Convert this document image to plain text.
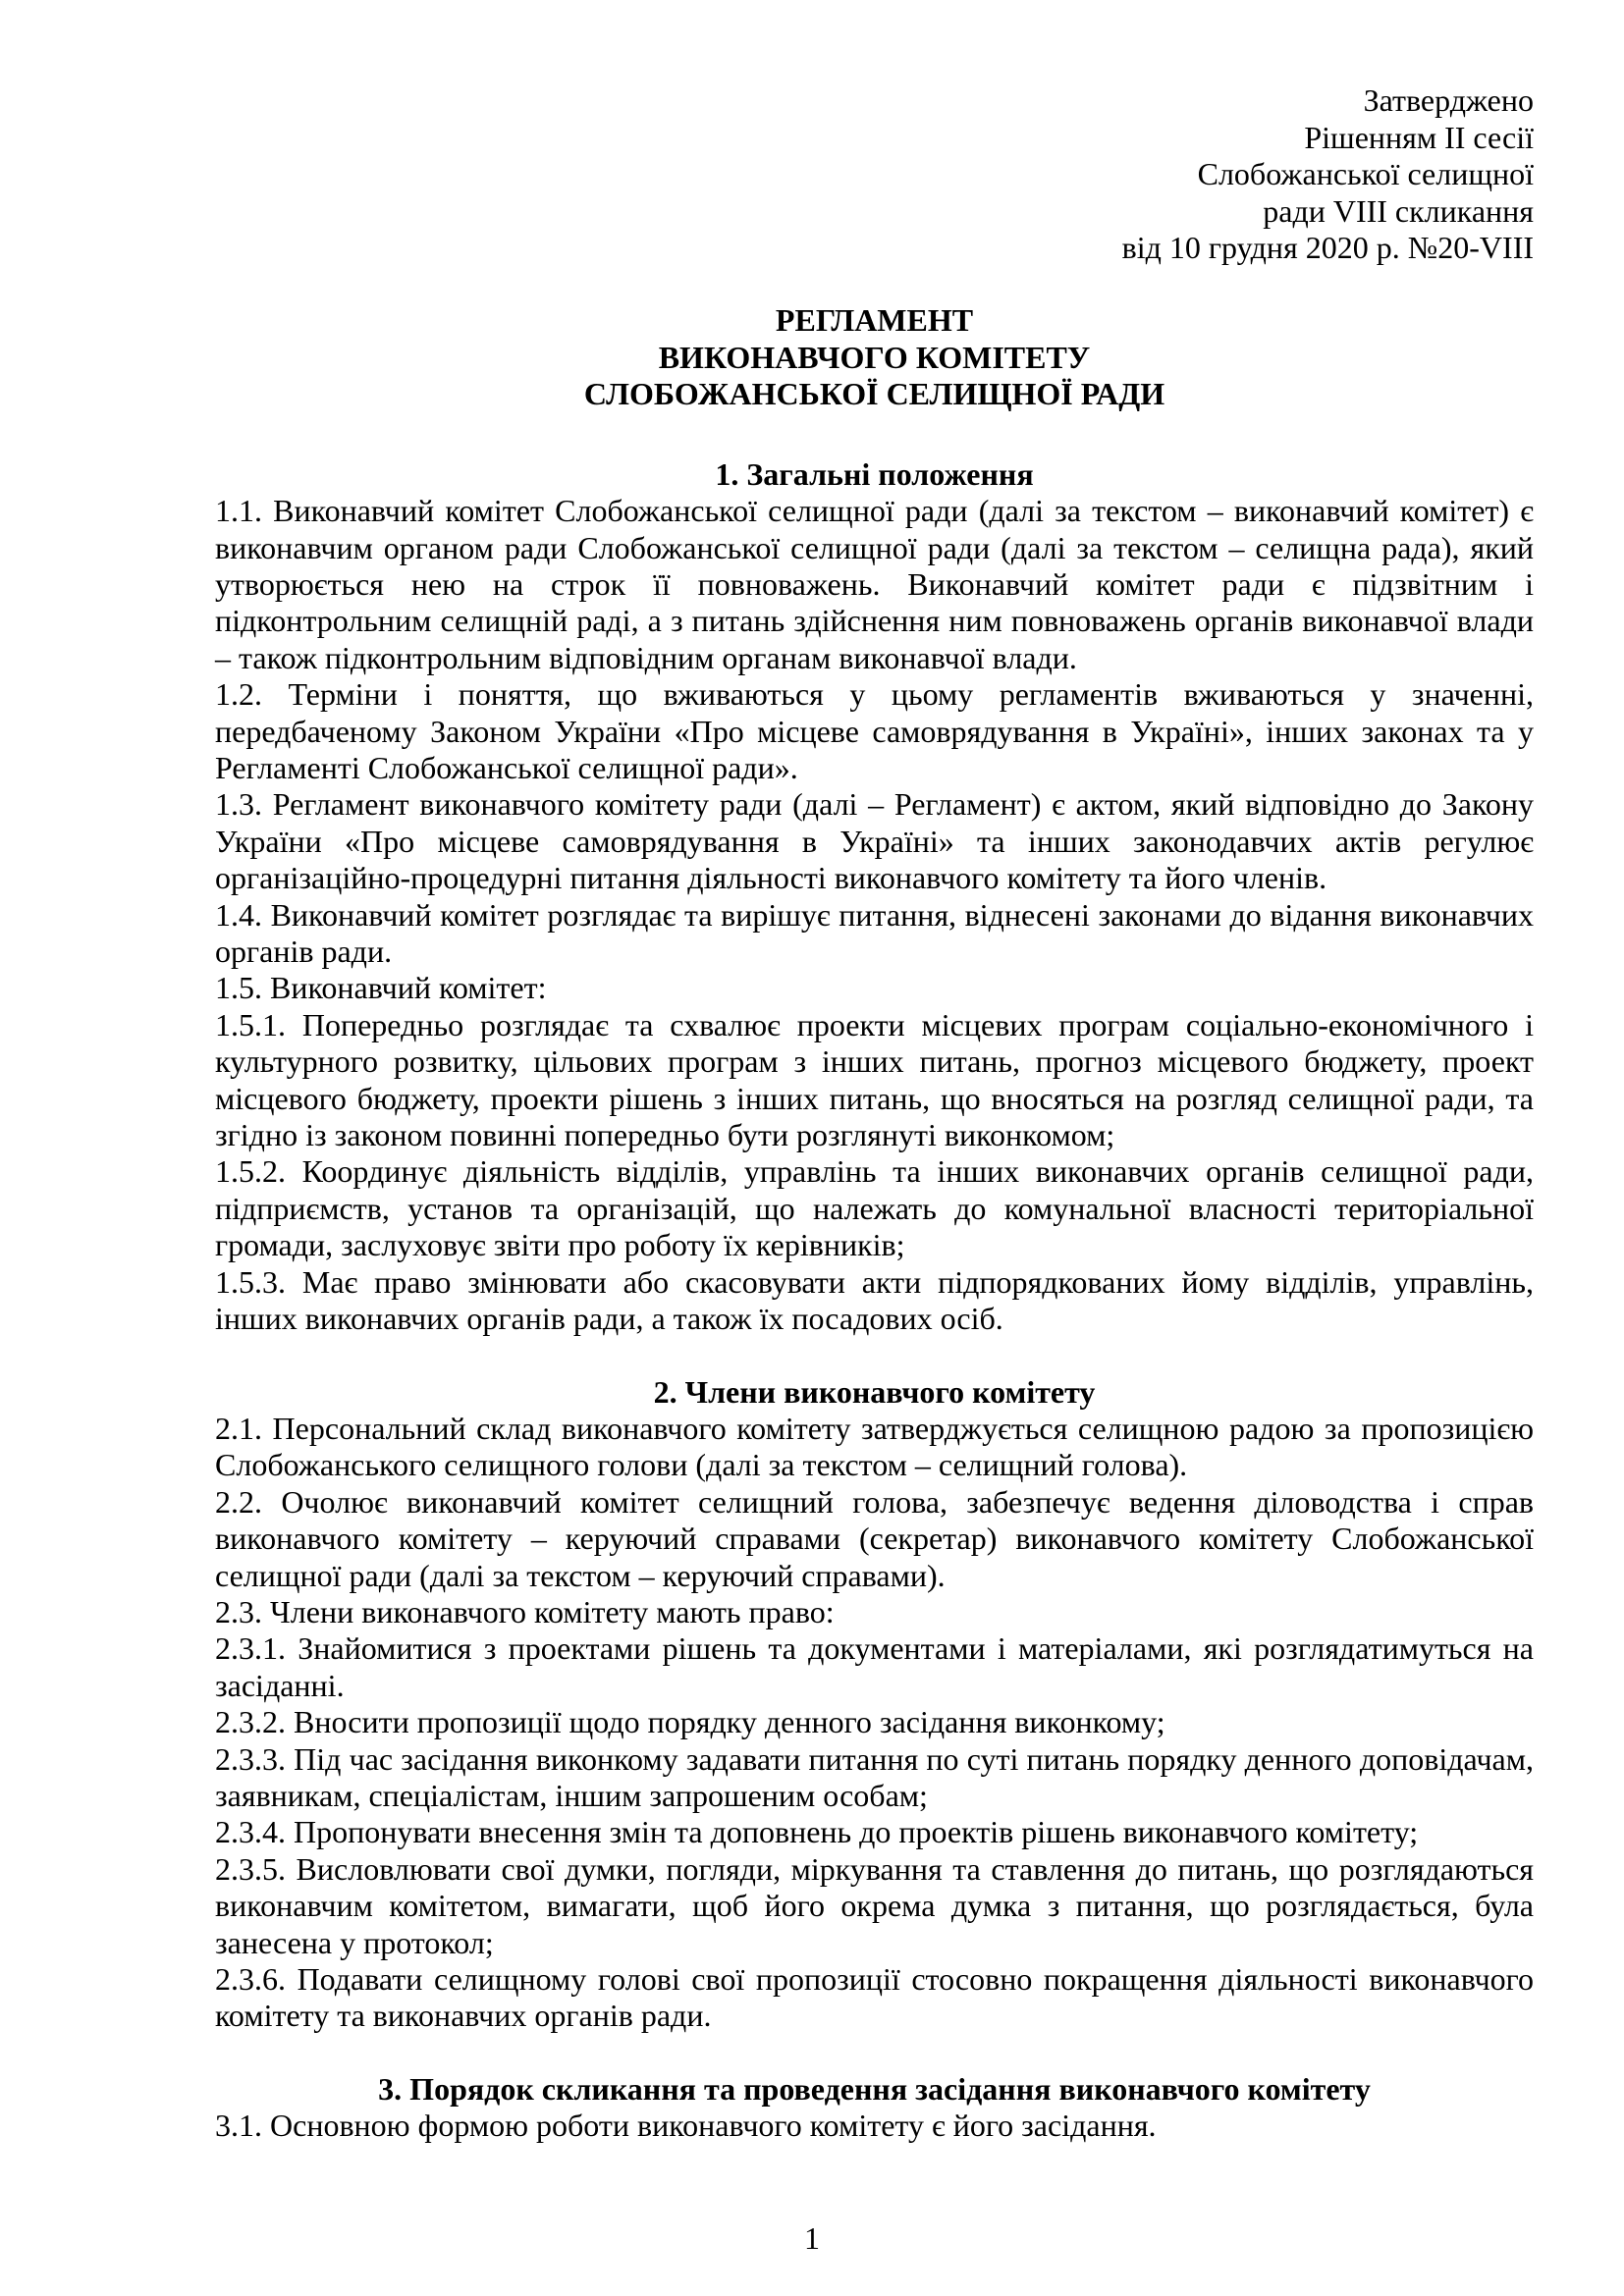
Затверджено
Рішенням ІІ сесії
Слобожанської селищної
ради VIII скликання
від 10 грудня 2020 р. №20-VIII
РЕГЛАМЕНТ
ВИКОНАВЧОГО КОМІТЕТУ
СЛОБОЖАНСЬКОЇ СЕЛИЩНОЇ РАДИ
1. Загальні положення

1.1. Виконавчий комітет Слобожанської селищної ради (далі за текстом – виконавчий комітет) є виконавчим органом ради Слобожанської селищної ради (далі за текстом – селищна рада), який утворюється нею на строк її повноважень. Виконавчий комітет ради є підзвітним і підконтрольним селищній раді, а з питань здійснення ним повноважень органів виконавчої влади – також підконтрольним відповідним органам виконавчої влади.

1.2. Терміни і поняття, що вживаються у цьому регламентів вживаються у значенні, передбаченому Законом України «Про місцеве самоврядування в Україні», інших законах та у Регламенті Слобожанської селищної ради».

1.3. Регламент виконавчого комітету ради (далі – Регламент) є актом, який відповідно до Закону України «Про місцеве самоврядування в Україні» та інших законодавчих актів регулює організаційно-процедурні питання діяльності виконавчого комітету та його членів.

1.4. Виконавчий комітет розглядає та вирішує питання, віднесені законами до відання виконавчих органів ради.

1.5. Виконавчий комітет:

1.5.1. Попередньо розглядає та схвалює проекти місцевих програм соціально-економічного і культурного розвитку, цільових програм з інших питань, прогноз місцевого бюджету, проект місцевого бюджету, проекти рішень з інших питань, що вносяться на розгляд селищної ради, та згідно із законом повинні попередньо бути розглянуті виконкомом;

1.5.2. Координує діяльність відділів, управлінь та інших виконавчих органів селищної ради, підприємств, установ та організацій, що належать до комунальної власності територіальної громади, заслуховує звіти про роботу їх керівників;

1.5.3. Має право змінювати або скасовувати акти підпорядкованих йому відділів, управлінь, інших виконавчих органів ради, а також їх посадових осіб.

2. Члени виконавчого комітету

2.1. Персональний склад виконавчого комітету затверджується селищною радою за пропозицією Слобожанського селищного голови (далі за текстом – селищний голова).

2.2. Очолює виконавчий комітет селищний голова, забезпечує ведення діловодства і справ виконавчого комітету – керуючий справами (секретар) виконавчого комітету Слобожанської селищної ради (далі за текстом – керуючий справами).

2.3. Члени виконавчого комітету мають право:

2.3.1. Знайомитися з проектами рішень та документами і матеріалами, які розглядатимуться на засіданні.

2.3.2. Вносити пропозиції щодо порядку денного засідання виконкому;

2.3.3. Під час засідання виконкому задавати питання по суті питань порядку денного доповідачам, заявникам, спеціалістам, іншим запрошеним особам;

2.3.4. Пропонувати внесення змін та доповнень до проектів рішень виконавчого комітету;

2.3.5. Висловлювати свої думки, погляди, міркування та ставлення до питань, що розглядаються виконавчим комітетом, вимагати, щоб його окрема думка з питання, що розглядається, була занесена у протокол;

2.3.6. Подавати селищному голові свої пропозиції стосовно покращення діяльності виконавчого комітету та виконавчих органів ради.

3. Порядок скликання та проведення засідання виконавчого комітету

3.1. Основною формою роботи виконавчого комітету є його засідання.

1
